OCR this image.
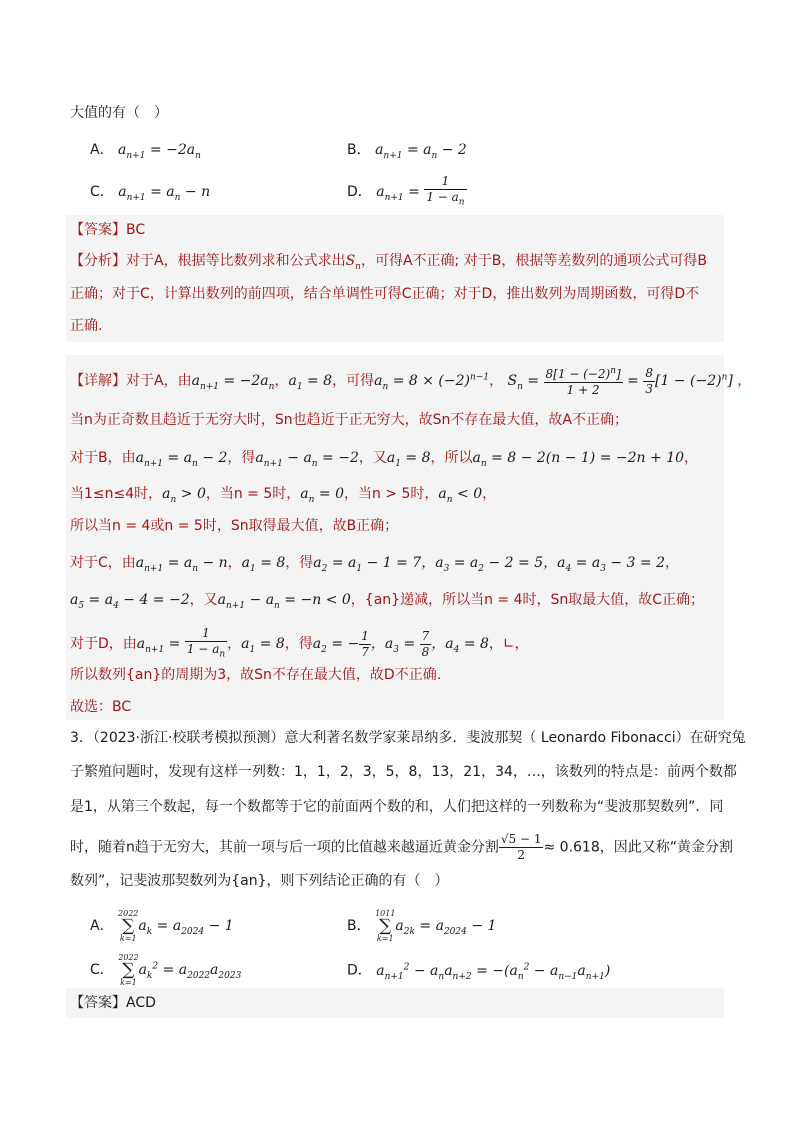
大值的有（　）
A． $a_{n+1} = -2a_n$	B． $a_{n+1} = a_n - 2$
C． $a_{n+1} = a_n - n$	D． $a_{n+1} = \frac{1}{1 - a_n}$
【答案】BC
【分析】对于A，根据等比数列求和公式求出$S_n$，可得A不正确; 对于B，根据等差数列的通项公式可得B
正确；对于C，计算出数列的前四项，结合单调性可得C正确；对于D，推出数列为周期函数，可得D不
正确.
【详解】对于A，由$a_{n+1} = -2a_n$，$a_1 = 8$，可得$a_n = 8 \times (-2)^{n-1}$， $S_n = \frac{8[1 - (-2)^n]}{1 + 2} = \frac{8}{3} [1 - (-2)^n]$ ，
当n为正奇数且趋近于无穷大时，Sn也趋近于正无穷大，故Sn不存在最大值，故A不正确；
对于B，由$a_{n+1} = a_n - 2$，得$a_{n+1} - a_n = -2$，又$a_1 = 8$，所以$a_n = 8 - 2(n - 1) = -2n + 10$，
当1≤n≤4时，$a_n > 0$，当n = 5时，$a_n = 0$，当n > 5时，$a_n < 0$，
所以当n = 4或n = 5时，Sn取得最大值，故B正确；
对于C，由$a_{n+1} = a_n - n$，$a_1 = 8$，得$a_2 = a_1 - 1 = 7$，$a_3 = a_2 - 2 = 5$，$a_4 = a_3 - 3 = 2$，
$a_5 = a_4 - 4 = -2$，又$a_{n+1} - a_n = -n < 0$，{an}递减，所以当n = 4时，Sn取最大值，故C正确；
对于D，由$a_{n+1} = \frac{1}{1 - a_n}$ ，$a_1 = 8$，得$a_2$ = − $\frac{1}{7}$ ，$a_3 = \frac{7}{8}$ ，$a_4 = 8$，∟，
所以数列{an}的周期为3，故Sn不存在最大值，故D不正确.
故选：BC
3．（2023·浙江·校联考模拟预测）意大利著名数学家莱昂纳多．斐波那契（ Leonardo Fibonacci）在研究兔
子繁殖问题时，发现有这样一列数：1，1，2，3，5，8，13，21，34，…，该数列的特点是：前两个数都
是1，从第三个数起，每一个数都等于它的前面两个数的和，人们把这样的一列数称为“斐波那契数列”．同
时，随着n趋于无穷大，其前一项与后一项的比值越来越逼近黄金分割 $\frac{√5 - 1}{2} \approx 0.618$，因此又称“黄金分割
数列”，记斐波那契数列为{an}，则下列结论正确的有（　）
A．
2022
∑
k=1
$a_k = a_{2024} - 1$	B．
1011
∑
k=1
$a_{2k} = a_{2024} - 1$
C．
2022
∑
k=1
$a_k^2 = a_{2022}a_{2023}$	D． $a_{n+1}^2 - a_na_{n+2} = -(a_n^2 - a_{n-1}a_{n+1})$
【答案】ACD
